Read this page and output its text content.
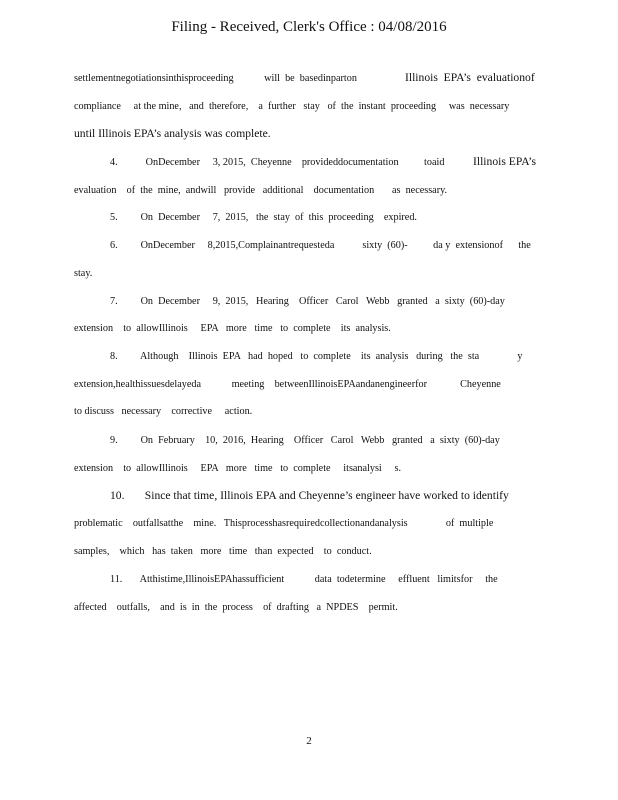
Filing - Received, Clerk's Office : 04/08/2016
settlementnegotiationsinthisproceeding            will  be  basedinparton	Illinois  EPA’s  evaluationof
compliance     at the mine,   and  therefore,    a  further   stay   of  the  instant  proceeding     was  necessary
until Illinois EPA’s analysis was complete.
4.           OnDecember     3, 2015,  Cheyenne    provideddocumentation          toaid Illinois EPA’s
evaluation    of  the  mine,  andwill   provide   additional    documentation       as  necessary.
5.         On  December     7,  2015,   the  stay  of  this  proceeding    expired.
6.         OnDecember     8,2015,Complainantrequesteda           sixty  (60)-          da y  extensionof      the
stay.
7.         On  December     9,  2015,   Hearing    Officer   Carol   Webb   granted   a  sixty  (60)-day
extension    to  allowIllinois     EPA   more   time   to  complete    its  analysis.
8.         Although    Illinois  EPA   had  hoped   to  complete    its  analysis   during   the  sta               y
extension,healthissuesdelayeda            meeting    betweenIllinoisEPAandanengineerfor             Cheyenne
to discuss   necessary    corrective     action.
9.         On  February    10,  2016,  Hearing    Officer   Carol   Webb   granted   a  sixty  (60)-day
extension    to  allowIllinois     EPA   more   time   to  complete     itsanalysi     s.
10.       Since that time, Illinois EPA and Cheyenne’s engineer have worked to identify
problematic    outfallsatthe    mine.   Thisprocesshasrequiredcollectionandanalysis               of  multiple
samples,    which   has  taken   more   time   than  expected    to  conduct.
11.       Atthistime,IllinoisEPAhassufficient            data  todetermine     effluent   limitsfor     the
affected    outfalls,    and  is  in  the  process    of  drafting   a  NPDES    permit.
2
